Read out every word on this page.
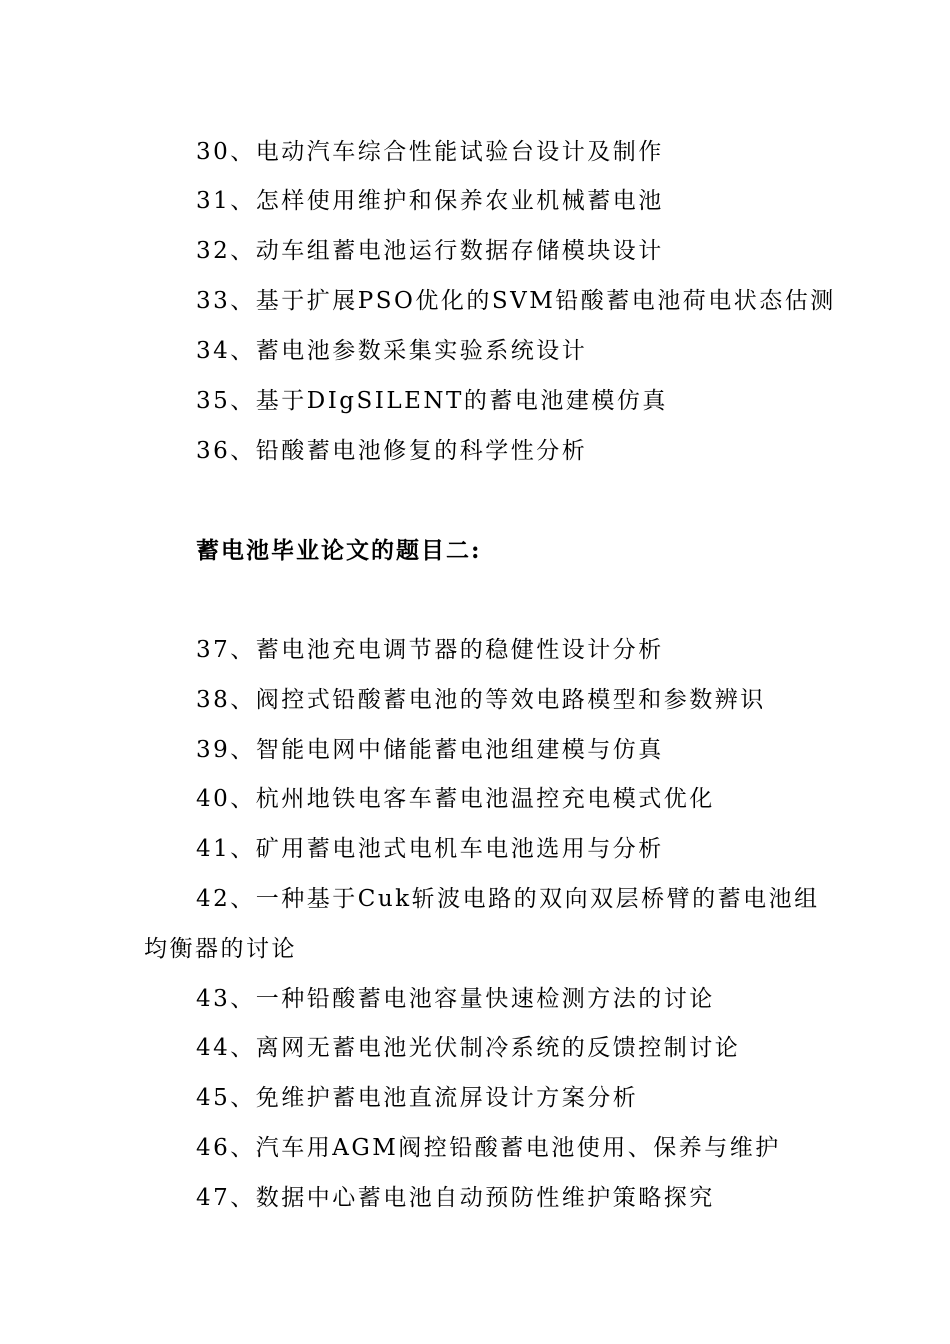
30、电动汽车综合性能试验台设计及制作
31、怎样使用维护和保养农业机械蓄电池
32、动车组蓄电池运行数据存储模块设计
33、基于扩展PSO优化的SVM铅酸蓄电池荷电状态估测
34、蓄电池参数采集实验系统设计
35、基于DIgSILENT的蓄电池建模仿真
36、铅酸蓄电池修复的科学性分析
蓄电池毕业论文的题目二:
37、蓄电池充电调节器的稳健性设计分析
38、阀控式铅酸蓄电池的等效电路模型和参数辨识
39、智能电网中储能蓄电池组建模与仿真
40、杭州地铁电客车蓄电池温控充电模式优化
41、矿用蓄电池式电机车电池选用与分析
42、一种基于Cuk斩波电路的双向双层桥臂的蓄电池组
均衡器的讨论
43、一种铅酸蓄电池容量快速检测方法的讨论
44、离网无蓄电池光伏制冷系统的反馈控制讨论
45、免维护蓄电池直流屏设计方案分析
46、汽车用AGM阀控铅酸蓄电池使用、保养与维护
47、数据中心蓄电池自动预防性维护策略探究
